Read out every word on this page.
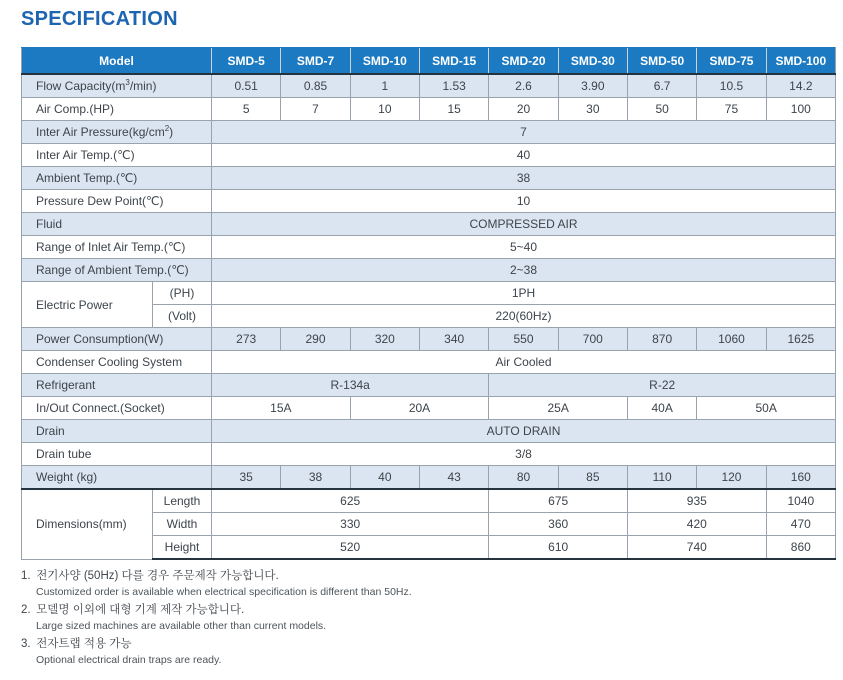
SPECIFICATION
Model		SMD-5	SMD-7	SMD-10	SMD-15	SMD-20	SMD-30	SMD-50	SMD-75	SMD-100
Flow $Capacity(m^3/\min)$		0.51	0.85	1	1.53	2.6	3.90	6.7	10.5	14.2
Air Comp.(HP)		5	7	10	15	20	30	50	75	100
Inter Air $Pressure(kg/cm^2)$		7								
Inter Air Temp.(℃)		40								
Ambient Temp.(℃)		38								
Pressure Dew Point(℃)		10								
Fluid		COMPRESSED AIR								
Range of Inlet Air Temp.(℃)		5~40								
Range of Ambient Temp.(℃)		2~38								
Electric Power	(PH)	1PH								
	(Volt)	220(60Hz)								
Power Consumption(W)		273	290	320	340	550	700	870	1060	1625
Condenser Cooling System		Air Cooled								
Refrigerant		R-134a				R-22				
In/Out Connect.(Socket)		15A		20A		25A		40A	50A	
Drain		AUTO DRAIN								
Drain tube		3/8								
Weight (kg)		35	38	40	43	80	85	110	120	160
Dimensions(mm)	Length	625				675		935		1040
	Width	330				360		420		470
	Height	520				610		740		860
1. 전기사양 (50Hz) 다를 경우 주문제작 가능합니다.
Customized order is available when electrical specification is different than 50Hz.
2. 모델명 이외에 대형 기계 제작 가능합니다.
Large sized machines are available other than current models.
3. 전자트랩 적용 가능
Optional electrical drain traps are ready.
